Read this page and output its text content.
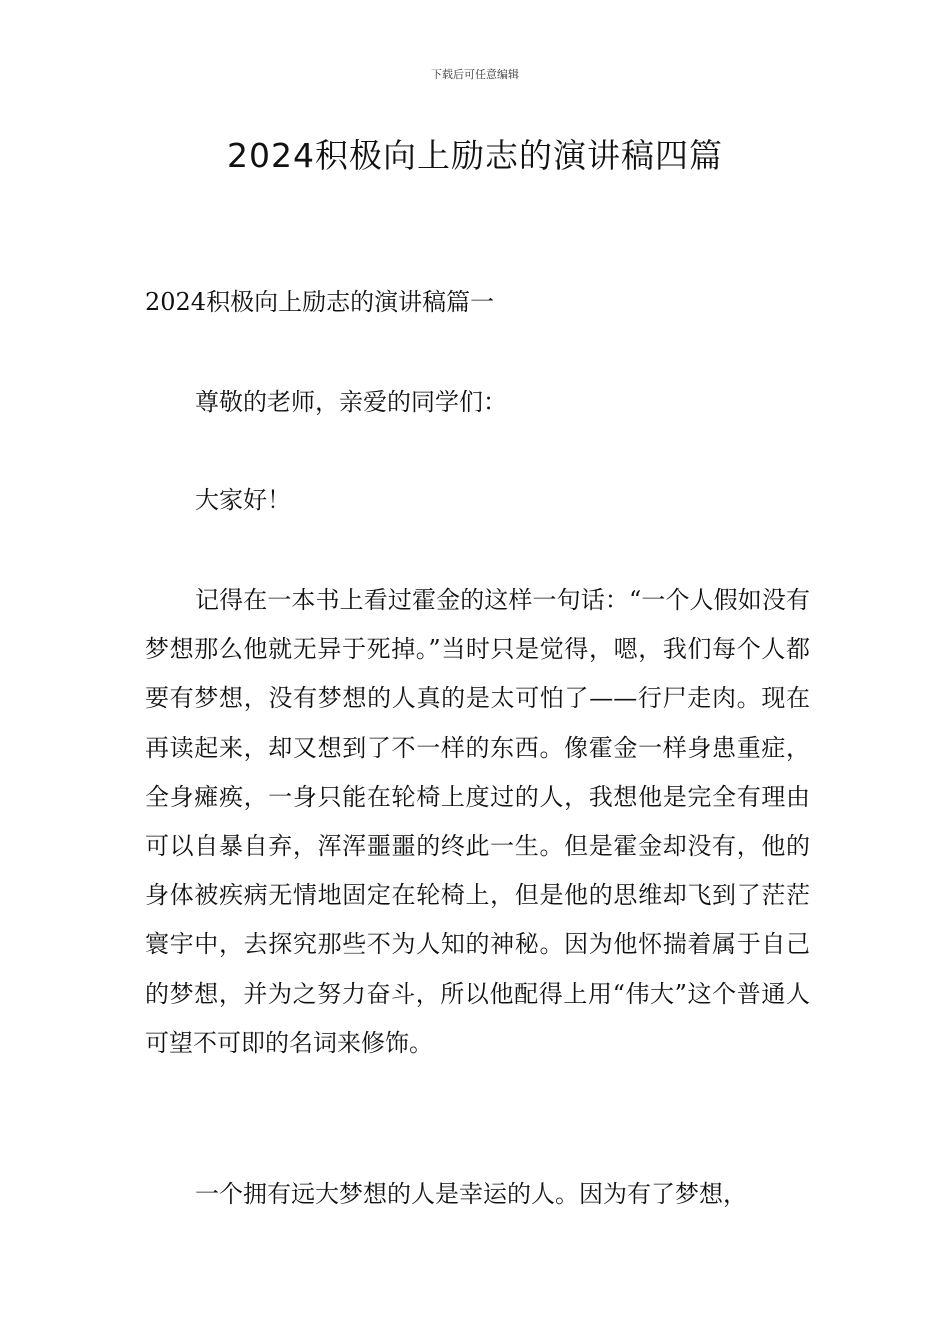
下载后可任意编辑
2024积极向上励志的演讲稿四篇
2024积极向上励志的演讲稿篇一
尊敬的老师，亲爱的同学们：
大家好！

记得在一本书上看过霍金的这样一句话：“一个人假如没有梦想那么他就无异于死掉。”当时只是觉得，嗯，我们每个人都要有梦想，没有梦想的人真的是太可怕了——行尸走肉。现在再读起来，却又想到了不一样的东西。像霍金一样身患重症，全身瘫痪，一身只能在轮椅上度过的人，我想他是完全有理由可以自暴自弃，浑浑噩噩的终此一生。但是霍金却没有，他的身体被疾病无情地固定在轮椅上，但是他的思维却飞到了茫茫寰宇中，去探究那些不为人知的神秘。因为他怀揣着属于自己的梦想，并为之努力奋斗，所以他配得上用“伟大”这个普通人可望不可即的名词来修饰。

一个拥有远大梦想的人是幸运的人。因为有了梦想，
